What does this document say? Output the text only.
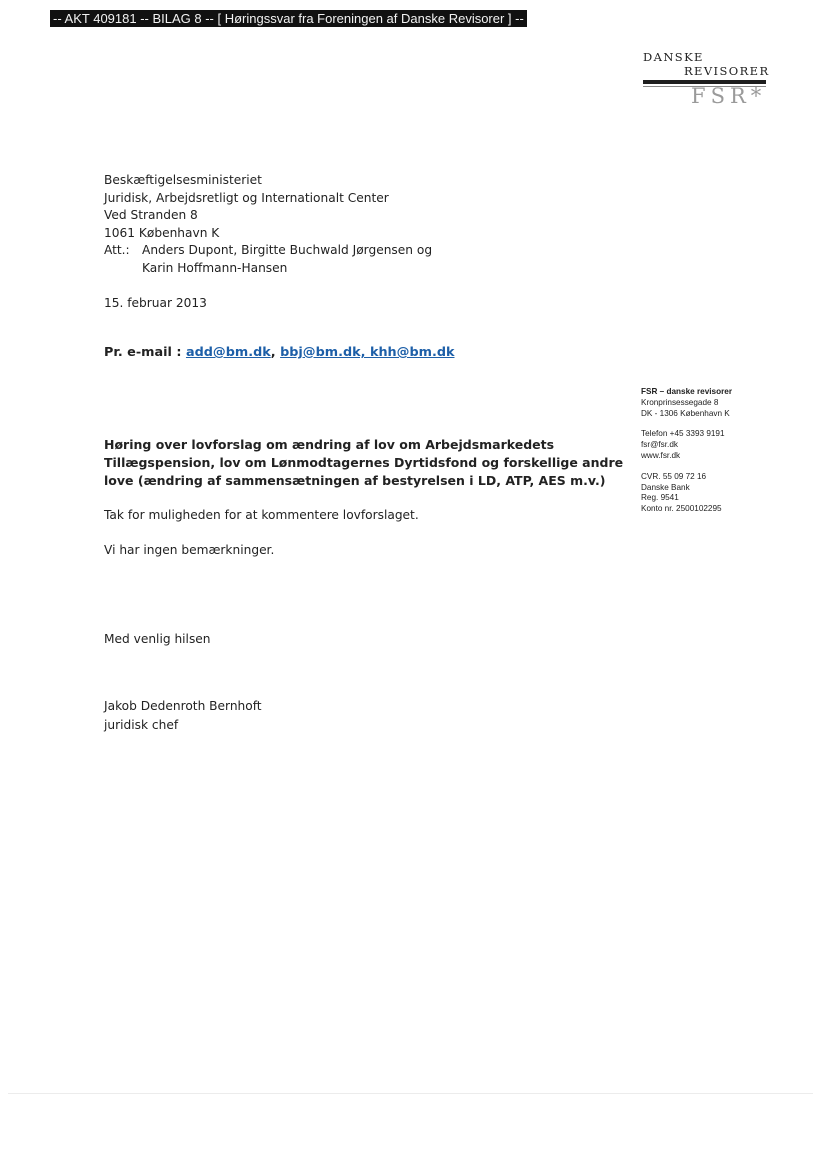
-- AKT 409181 -- BILAG 8 -- [ Høringssvar fra Foreningen af Danske Revisorer ] --
DANSKE
REVISORER
FSR*
Beskæftigelsesministeriet
Juridisk, Arbejdsretligt og Internationalt Center
Ved Stranden 8
1061 København K
Att.: Anders Dupont, Birgitte Buchwald Jørgensen og
Karin Hoffmann-Hansen
15. februar 2013
Pr. e-mail : add@bm.dk, bbj@bm.dk, khh@bm.dk
FSR – danske revisorer
Kronprinsessegade 8
DK - 1306 København K
Telefon +45 3393 9191
fsr@fsr.dk
www.fsr.dk
CVR. 55 09 72 16
Danske Bank
Reg. 9541
Konto nr. 2500102295
Høring over lovforslag om ændring af lov om Arbejdsmarkedets
Tillægspension, lov om Lønmodtagernes Dyrtidsfond og forskellige andre
love (ændring af sammensætningen af bestyrelsen i LD, ATP, AES m.v.)
Tak for muligheden for at kommentere lovforslaget.
Vi har ingen bemærkninger.
Med venlig hilsen
Jakob Dedenroth Bernhoft
juridisk chef
